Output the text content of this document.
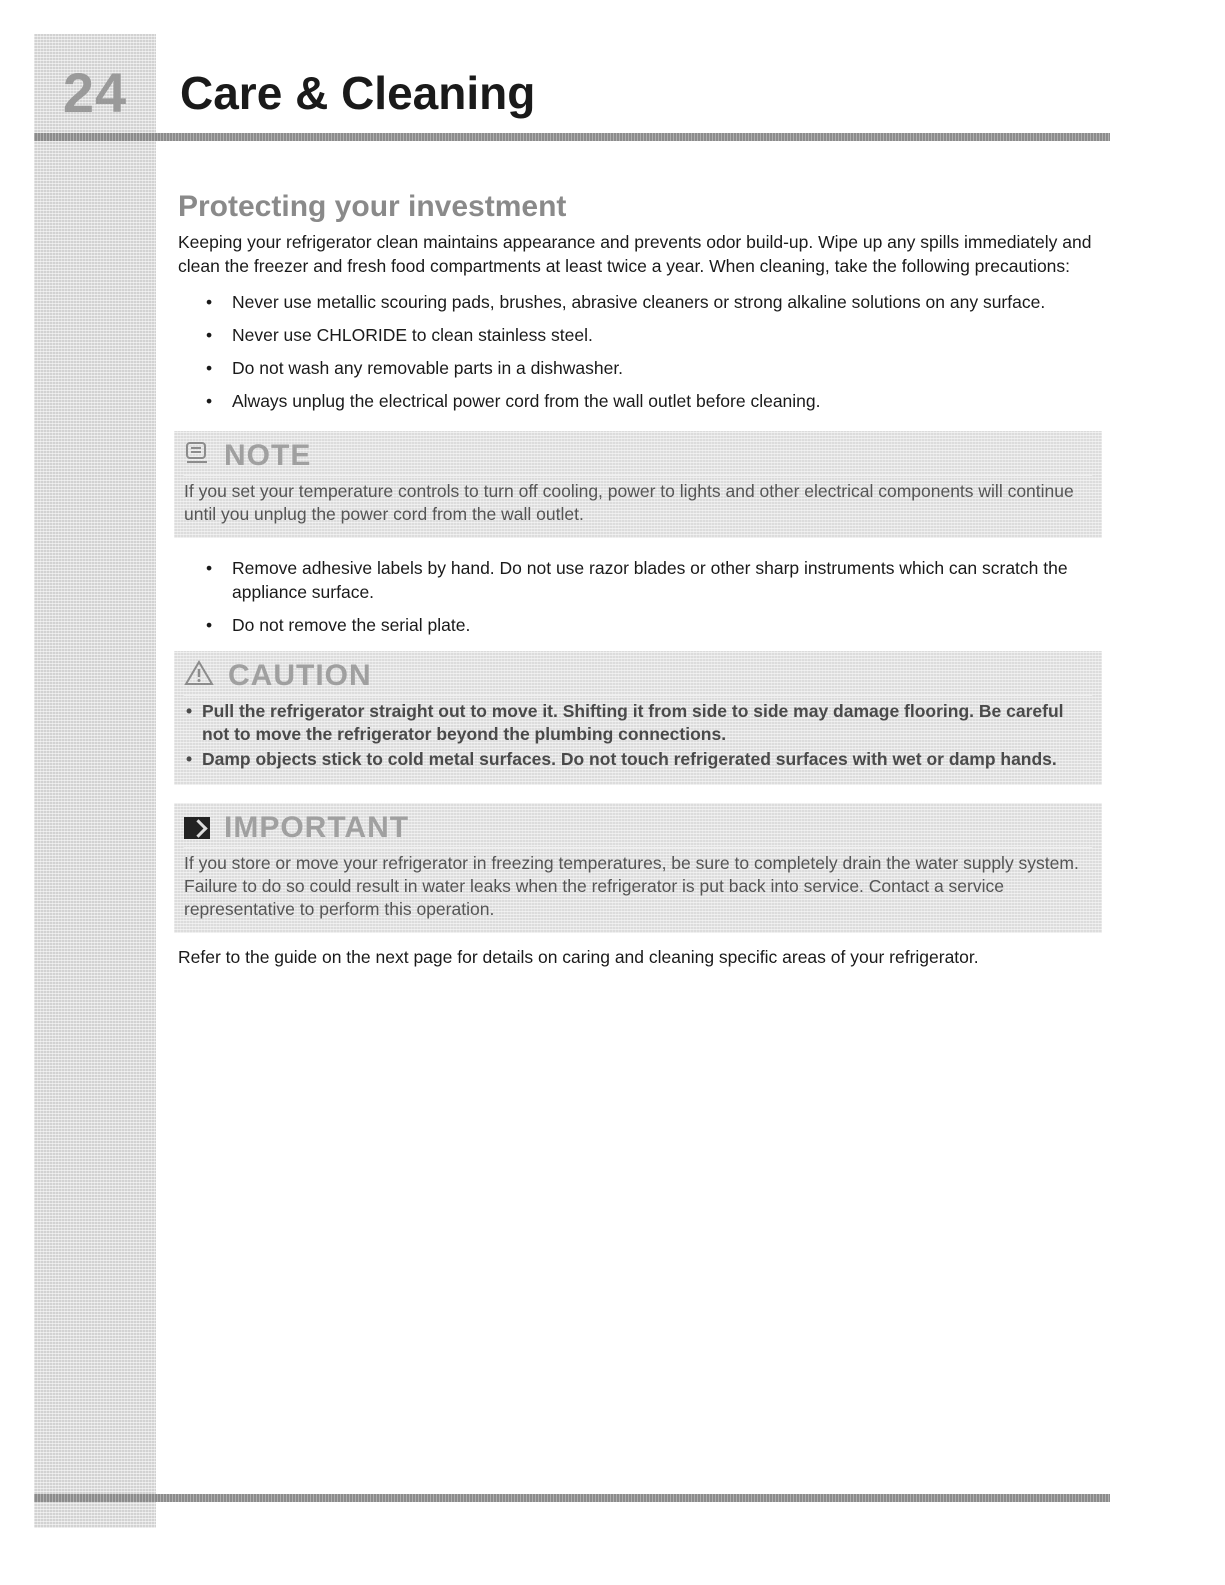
24	Care & Cleaning
Protecting your investment

Keeping your refrigerator clean maintains appearance and prevents odor build-up. Wipe up any spills immediately and clean the freezer and fresh food compartments at least twice a year. When cleaning, take the following precautions:

• Never use metallic scouring pads, brushes, abrasive cleaners or strong alkaline solutions on any surface.
• Never use CHLORIDE to clean stainless steel.
• Do not wash any removable parts in a dishwasher.
• Always unplug the electrical power cord from the wall outlet before cleaning.
NOTE

If you set your temperature controls to turn off cooling, power to lights and other electrical components will continue until you unplug the power cord from the wall outlet.

• Remove adhesive labels by hand. Do not use razor blades or other sharp instruments which can scratch the appliance surface.
• Do not remove the serial plate.
CAUTION
• Pull the refrigerator straight out to move it. Shifting it from side to side may damage flooring. Be careful not to move the refrigerator beyond the plumbing connections.
• Damp objects stick to cold metal surfaces. Do not touch refrigerated surfaces with wet or damp hands.
IMPORTANT

If you store or move your refrigerator in freezing temperatures, be sure to completely drain the water supply system. Failure to do so could result in water leaks when the refrigerator is put back into service. Contact a service representative to perform this operation.

Refer to the guide on the next page for details on caring and cleaning specific areas of your refrigerator.
